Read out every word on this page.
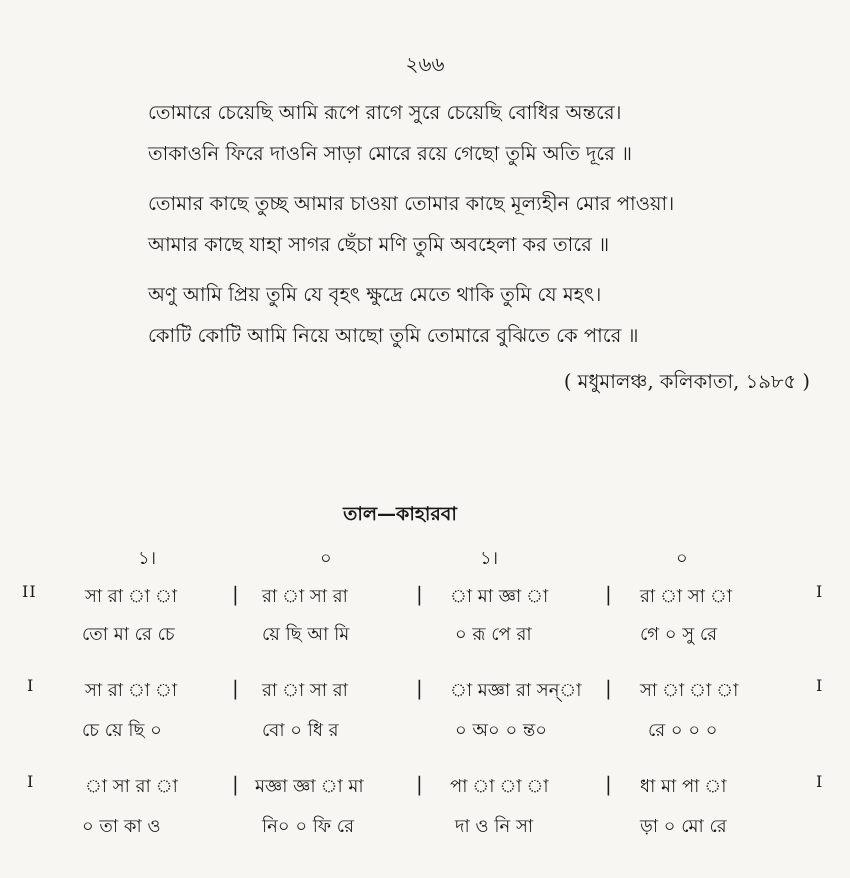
২৬৬
তোমারে চেয়েছি আমি রূপে রাগে সুরে চেয়েছি বোধির অন্তরে।
তাকাওনি ফিরে দাওনি সাড়া মোরে রয়ে গেছো তুমি অতি দূরে ॥
তোমার কাছে তুচ্ছ আমার চাওয়া তোমার কাছে মূল্যহীন মোর পাওয়া।
আমার কাছে যাহা সাগর ছেঁচা মণি তুমি অবহেলা কর তারে ॥
অণু আমি প্রিয় তুমি যে বৃহৎ ক্ষুদ্রে মেতে থাকি তুমি যে মহৎ।
কোটি কোটি আমি নিয়ে আছো তুমি তোমারে বুঝিতে কে পারে ॥
( মধুমালঞ্চ, কলিকাতা, ১৯৮৫ )
তাল—কাহারবা
১।	০	১।	০
II	সা রা া া	| রা া সা রা	| া মা জ্ঞা া	| রা া সা া	I
তো মা রে চে	য়ে ছি আ মি	০ রূ পে রা	গে ০ সু রে
I	সা রা া া	| রা া সা রা	| া মজ্ঞা রা সন্‌া | সা া া া	I
চে য়ে ছি ০	বো ০ ধি র	০ অ০ ০ ন্ত০	রে ০ ০ ০
I	া সা রা া	| মজ্ঞা জ্ঞা া মা	| পা া া া	| ধা মা পা া	I
০ তা কা ও	নি০ ০ ফি রে	দা ও নি সা	ড়া ০ মো রে
